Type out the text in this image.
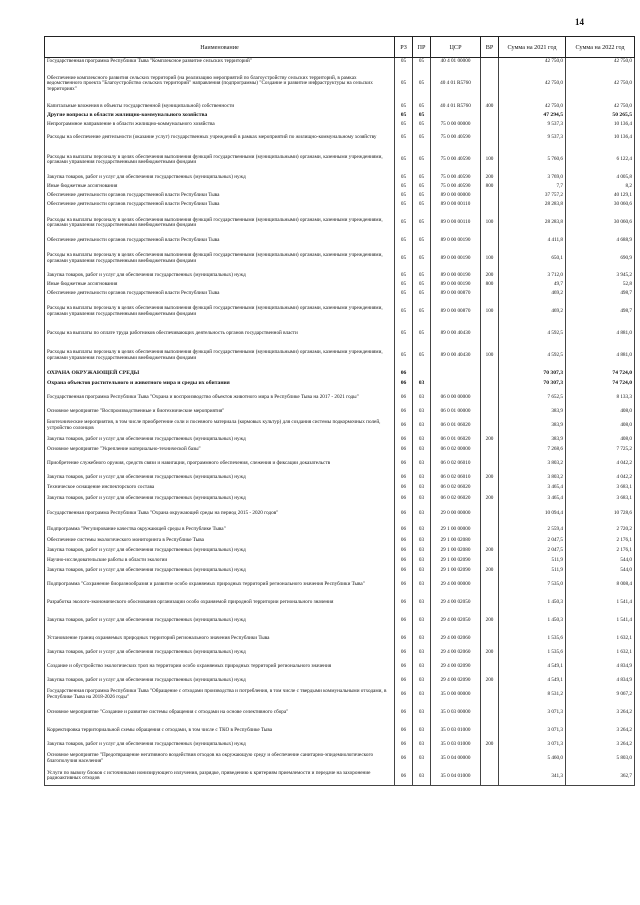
14
Наименование	РЗ	ПР	ЦСР	ВР	Сумма на 2021 год	Сумма на 2022 год
Государственная программа Республики Тыва "Комплексное развитие сельских территорий"	05	05	40 4 01 00000		42 750,0	42 750,0
Обеспечение комплексного развития сельских территорий (на реализацию мероприятий по благоустройству сельских территорий, в рамках ведомственного проекта "Благоустройство сельских территорий" направления (подпрограммы) "Создание и развитие инфраструктуры на сельских территориях"	05	05	40 4 01 R5760		42 750,0	42 750,0
Капитальные вложения в объекты государственной (муниципальной) собственности	05	05	40 4 01 R5760	400	42 750,0	42 750,0
Другие вопросы в области жилищно-коммунального хозяйства	05	05			47 294,5	50 265,5
Непрограммное направление в области жилищно-коммунального хозяйства	05	05	75 0 00 00000		9 537,3	10 136,4
Расходы на обеспечение деятельности (оказание услуг) государственных учреждений в рамках мероприятий по жилищно-коммунальному хозяйству	05	05	75 0 00 40590		9 537,3	10 136,4
Расходы на выплаты персоналу в целях обеспечения выполнения функций государственными (муниципальными) органами, казенными учреждениями, органами управления государственными внебюджетными фондами	05	05	75 0 00 40590	100	5 760,6	6 122,4
Закупка товаров, работ и услуг для обеспечения государственных (муниципальных) нужд	05	05	75 0 00 40590	200	3 769,0	4 005,8
Иные бюджетные ассигнования	05	05	75 0 00 40590	800	7,7	8,2
Обеспечение деятельности органов государственной власти Республики Тыва	05	05	89 0 00 00000		37 757,2	40 129,1
Обеспечение деятельности органов государственной власти Республики Тыва	05	05	89 0 00 00110		28 283,8	30 060,6
Расходы на выплаты персоналу в целях обеспечения выполнения функций государственными (муниципальными) органами, казенными учреждениями, органами управления государственными внебюджетными фондами	05	05	89 0 00 00110	100	28 283,8	30 060,6
Обеспечение деятельности органов государственной власти Республики Тыва	05	05	89 0 00 00190		4 411,8	4 688,9
Расходы на выплаты персоналу в целях обеспечения выполнения функций государственными (муниципальными) органами, казенными учреждениями, органами управления государственными внебюджетными фондами	05	05	89 0 00 00190	100	650,1	690,9
Закупка товаров, работ и услуг для обеспечения государственных (муниципальных) нужд	05	05	89 0 00 00190	200	3 712,0	3 945,2
Иные бюджетные ассигнования	05	05	89 0 00 00190	800	49,7	52,8
Обеспечение деятельности органов государственной власти Республики Тыва	05	05	89 0 00 00870		469,2	498,7
Расходы на выплаты персоналу в целях обеспечения выполнения функций государственными (муниципальными) органами, казенными учреждениями, органами управления государственными внебюджетными фондами	05	05	89 0 00 00870	100	469,2	498,7
Расходы на выплаты по оплате труда работников обеспечивающих деятельность органов государственной власти	05	05	89 0 00 40430		4 592,5	4 881,0
Расходы на выплаты персоналу в целях обеспечения выполнения функций государственными (муниципальными) органами, казенными учреждениями, органами управления государственными внебюджетными фондами	05	05	89 0 00 40430	100	4 592,5	4 881,0
ОХРАНА ОКРУЖАЮЩЕЙ СРЕДЫ	06				70 307,3	74 724,0
Охрана объектов растительного и животного мира и среды их обитания	06	03			70 307,3	74 724,0
Государственная программа Республики Тыва "Охрана и воспроизводство объектов животного мира в Республике Тыва на 2017 - 2021 годы"	06	03	06 0 00 00000		7 652,5	8 133,3
Основное мероприятие "Воспроизводственные и биотехнические мероприятия"	06	03	06 0 01 00000		383,9	408,0
Биотехнические мероприятия, в том числе приобретение соли и посевного материала (кормовых культур) для создания системы подкормочных полей, устройство солонцов	06	03	06 0 01 06020		383,9	408,0
Закупка товаров, работ и услуг для обеспечения государственных (муниципальных) нужд	06	03	06 0 01 06020	200	383,9	408,0
Основное мероприятие "Укрепление материально-технической базы"	06	03	06 0 02 00000		7 268,6	7 725,2
Приобретение служебного оружия, средств связи и навигации, программного обеспечения, слежения и фиксации доказательств	06	03	06 0 02 06010		3 803,2	4 042,2
Закупка товаров, работ и услуг для обеспечения государственных (муниципальных) нужд	06	03	06 0 02 06010	200	3 803,2	4 042,2
Техническое оснащение инспекторского состава	06	03	06 0 02 06020		3 465,4	3 683,1
Закупка товаров, работ и услуг для обеспечения государственных (муниципальных) нужд	06	03	06 0 02 06020	200	3 465,4	3 683,1
Государственная программа Республики Тыва "Охрана окружающей среды на период 2015 - 2020 годов"	06	03	29 0 00 00000		10 094,4	10 728,6
Подпрограмма "Регулирование качества окружающей среды в Республике Тыва"	06	03	29 1 00 00000		2 559,4	2 720,2
Обеспечение системы экологического мониторинга в Республике Тыва	06	03	29 1 00 02080		2 047,5	2 176,1
Закупка товаров, работ и услуг для обеспечения государственных (муниципальных) нужд	06	03	29 1 00 02080	200	2 047,5	2 176,1
Научно-исследовательские работы в области экологии	06	03	29 1 00 02090		511,9	544,0
Закупка товаров, работ и услуг для обеспечения государственных (муниципальных) нужд	06	03	29 1 00 02090	200	511,9	544,0
Подпрограмма "Сохранение биоразнообразия и развитие особо охраняемых природных территорий регионального значения Республики Тыва"	06	03	29 4 00 00000		7 535,0	8 008,4
Разработка эколого-экономического обоснования организации особо охраняемой природной территории регионального значения	06	03	29 4 00 02050		1 450,3	1 541,4
Закупка товаров, работ и услуг для обеспечения государственных (муниципальных) нужд	06	03	29 4 00 02050	200	1 450,3	1 541,4
Установление границ охраняемых природных территорий регионального значения Республики Тыва	06	03	29 4 00 02060		1 535,6	1 632,1
Закупка товаров, работ и услуг для обеспечения государственных (муниципальных) нужд	06	03	29 4 00 02060	200	1 535,6	1 632,1
Создание и обустройство экологических троп на территории особо охраняемых природных территорий регионального значения	06	03	29 4 00 02090		4 549,1	4 834,9
Закупка товаров, работ и услуг для обеспечения государственных (муниципальных) нужд	06	03	29 4 00 02090	200	4 549,1	4 834,9
Государственная программа Республики Тыва "Обращение с отходами производства и потребления, в том числе с твердыми коммунальными отходами, в Республике Тыва на 2018-2026 годы"	06	03	35 0 00 00000		8 531,2	9 067,2
Основное мероприятие "Создание и развитие системы обращения с отходами на основе селективного сбора"	06	03	35 0 03 00000		3 071,3	3 264,2
Корректировка территориальной схемы обращения с отходами, в том числе с ТКО в Республике Тыва	06	03	35 0 03 01000		3 071,3	3 264,2
Закупка товаров, работ и услуг для обеспечения государственных (муниципальных) нужд	06	03	35 0 03 01000	200	3 071,3	3 264,2
Основное мероприятие "Предотвращение негативного воздействия отходов на окружающую среду и обеспечение санитарно-эпидемиологического благополучия населения"	06	03	35 0 04 00000		5 460,0	5 803,0
Услуги по вывозу блоков с источниками ионизирующего излучения, разрядке, приведению к критериям приемлемости и передаче на захоронение радиоактивных отходов	06	03	35 0 04 01000		341,3	362,7
